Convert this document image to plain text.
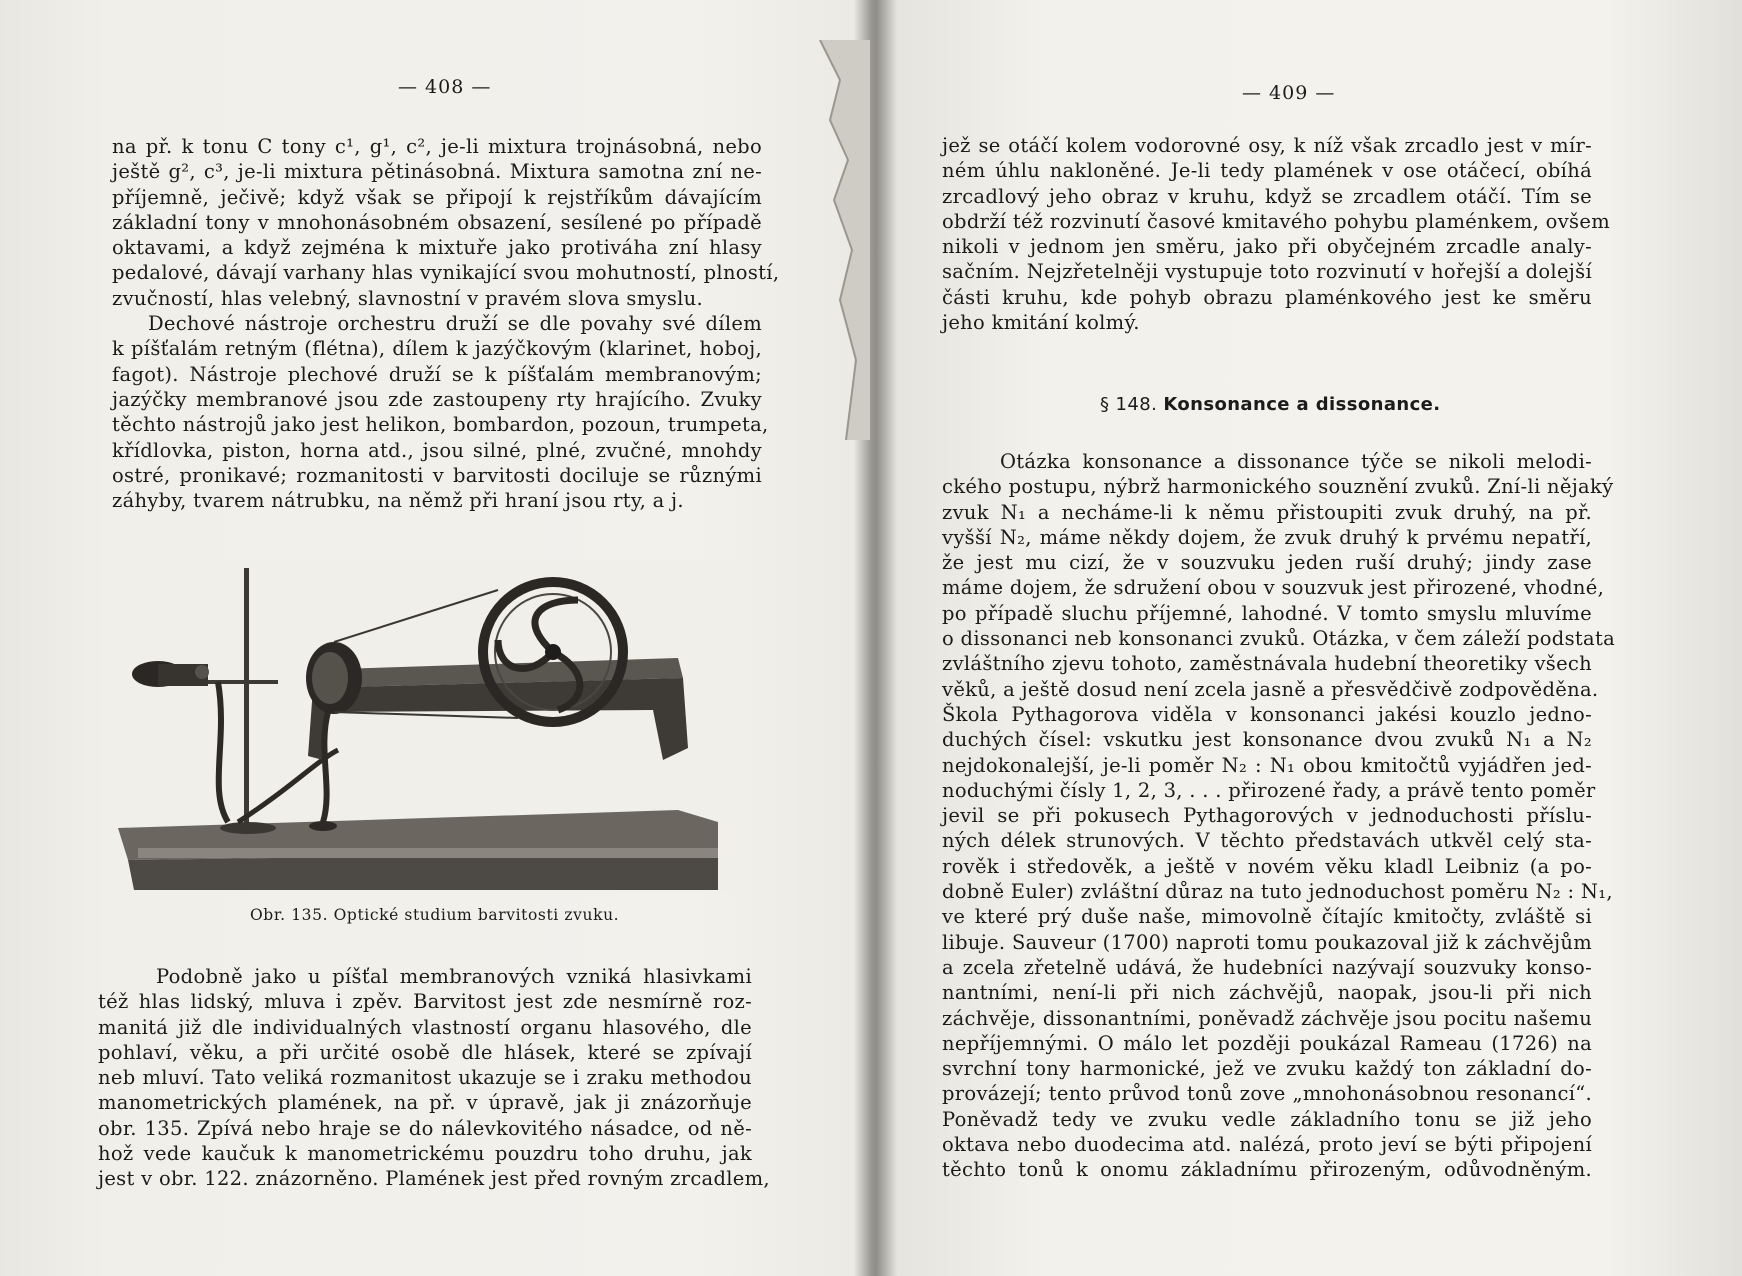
— 408 —

na př. k tonu C tony c¹, g¹, c², je-li mixtura trojnásobná, nebo
ještě g², c³, je-li mixtura pětinásobná. Mixtura samotna zní ne-
příjemně, ječivě; když však se připojí k rejstříkům dávajícím
základní tony v mnohonásobném obsazení, sesílené po případě
oktavami, a když zejména k mixtuře jako protiváha zní hlasy
pedalové, dávají varhany hlas vynikající svou mohutností, plností,
zvučností, hlas velebný, slavnostní v pravém slova smyslu.

Dechové nástroje orchestru druží se dle povahy své dílem
k píšťalám retným (flétna), dílem k jazýčkovým (klarinet, hoboj,
fagot). Nástroje plechové druží se k píšťalám membranovým;
jazýčky membranové jsou zde zastoupeny rty hrajícího. Zvuky
těchto nástrojů jako jest helikon, bombardon, pozoun, trumpeta,
křídlovka, piston, horna atd., jsou silné, plné, zvučné, mnohdy
ostré, pronikavé; rozmanitosti v barvitosti dociluje se různými
záhyby, tvarem nátrubku, na němž při hraní jsou rty, a j.

Obr. 135. Optické studium barvitosti zvuku.

Podobně jako u píšťal membranových vzniká hlasivkami
též hlas lidský, mluva i zpěv. Barvitost jest zde nesmírně roz-
manitá již dle individualných vlastností organu hlasového, dle
pohlaví, věku, a při určité osobě dle hlásek, které se zpívají
neb mluví. Tato veliká rozmanitost ukazuje se i zraku methodou
manometrických plamének, na př. v úpravě, jak ji znázorňuje
obr. 135. Zpívá nebo hraje se do nálevkovitého násadce, od ně-
hož vede kaučuk k manometrickému pouzdru toho druhu, jak
jest v obr. 122. znázorněno. Plamének jest před rovným zrcadlem,

— 409 —

jež se otáčí kolem vodorovné osy, k níž však zrcadlo jest v mír-
ném úhlu nakloněné. Je-li tedy plamének v ose otáčecí, obíhá
zrcadlový jeho obraz v kruhu, když se zrcadlem otáčí. Tím se
obdrží též rozvinutí časové kmitavého pohybu plaménkem, ovšem
nikoli v jednom jen směru, jako při obyčejném zrcadle analy-
sačním. Nejzřetelněji vystupuje toto rozvinutí v hořejší a dolejší
části kruhu, kde pohyb obrazu plaménkového jest ke směru
jeho kmitání kolmý.

§ 148. Konsonance a dissonance.

Otázka konsonance a dissonance týče se nikoli melodi-
ckého postupu, nýbrž harmonického souznění zvuků. Zní-li nějaký
zvuk N₁ a necháme-li k němu přistoupiti zvuk druhý, na př.
vyšší N₂, máme někdy dojem, že zvuk druhý k prvému nepatří,
že jest mu cizí, že v souzvuku jeden ruší druhý; jindy zase
máme dojem, že sdružení obou v souzvuk jest přirozené, vhodné,
po případě sluchu příjemné, lahodné. V tomto smyslu mluvíme
o dissonanci neb konsonanci zvuků. Otázka, v čem záleží podstata
zvláštního zjevu tohoto, zaměstnávala hudební theoretiky všech
věků, a ještě dosud není zcela jasně a přesvědčivě zodpověděna.
Škola Pythagorova viděla v konsonanci jakési kouzlo jedno-
duchých čísel: vskutku jest konsonance dvou zvuků N₁ a N₂
nejdokonalejší, je-li poměr N₂ : N₁ obou kmitočtů vyjádřen jed-
noduchými čísly 1, 2, 3, . . . přirozené řady, a právě tento poměr
jevil se při pokusech Pythagorových v jednoduchosti příslu-
ných délek strunových. V těchto představách utkvěl celý sta-
rověk i středověk, a ještě v novém věku kladl Leibniz (a po-
dobně Euler) zvláštní důraz na tuto jednoduchost poměru N₂ : N₁,
ve které prý duše naše, mimovolně čítajíc kmitočty, zvláště si
libuje. Sauveur (1700) naproti tomu poukazoval již k záchvějům
a zcela zřetelně udává, že hudebníci nazývají souzvuky konso-
nantními, není-li při nich záchvějů, naopak, jsou-li při nich
záchvěje, dissonantními, poněvadž záchvěje jsou pocitu našemu
nepříjemnými. O málo let později poukázal Rameau (1726) na
svrchní tony harmonické, jež ve zvuku každý ton základní do-
provázejí; tento průvod tonů zove „mnohonásobnou resonancí“.
Poněvadž tedy ve zvuku vedle základního tonu se již jeho
oktava nebo duodecima atd. nalézá, proto jeví se býti připojení
těchto tonů k onomu základnímu přirozeným, odůvodněným.
